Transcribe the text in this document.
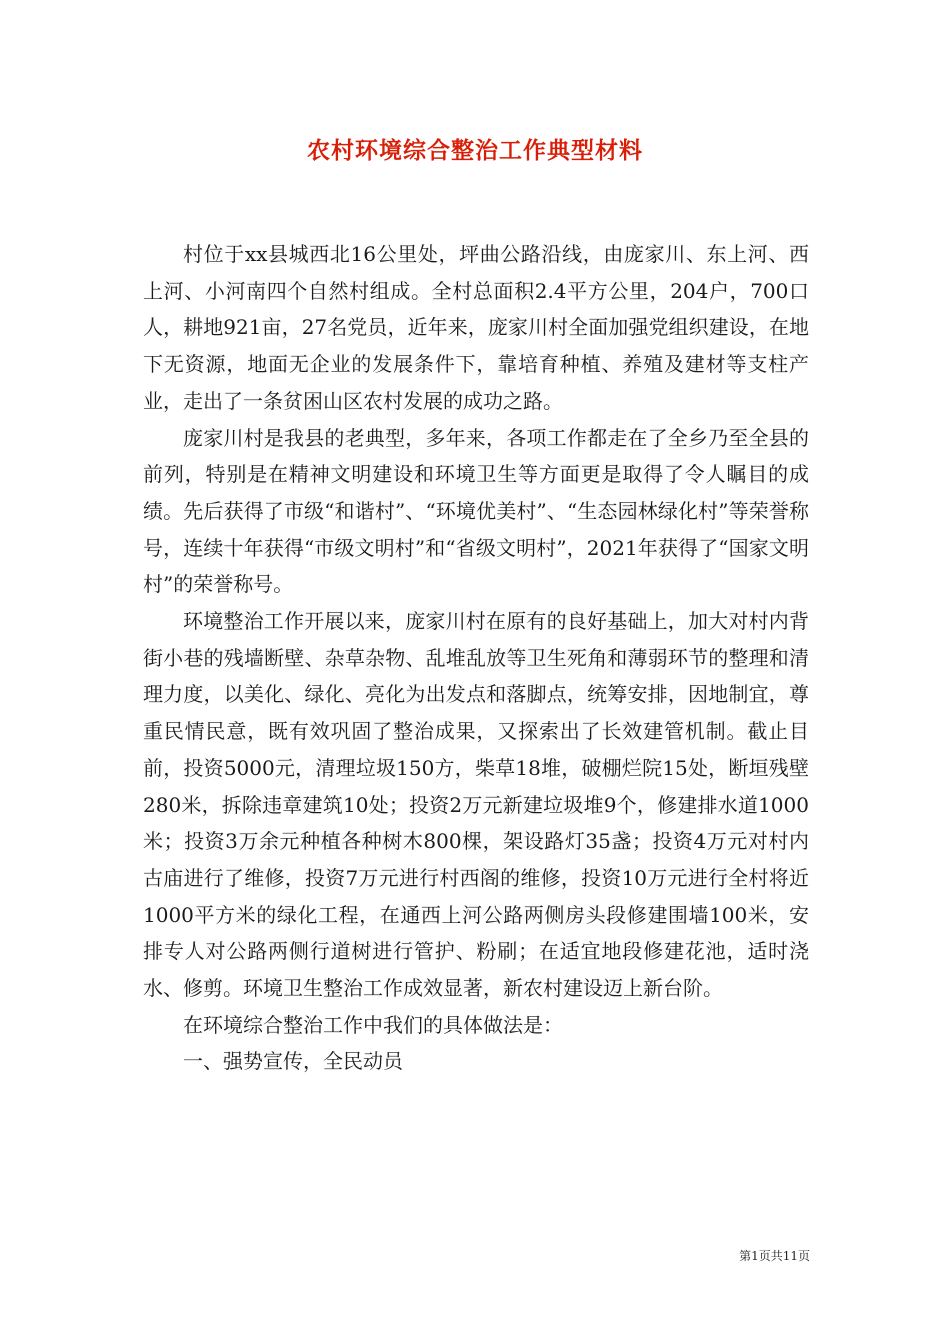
农村环境综合整治工作典型材料

村位于xx县城西北16公里处，坪曲公路沿线，由庞家川、东上河、西上河、小河南四个自然村组成。全村总面积2.4平方公里，204户，700口人，耕地921亩，27名党员，近年来，庞家川村全面加强党组织建设，在地下无资源，地面无企业的发展条件下，靠培育种植、养殖及建材等支柱产业，走出了一条贫困山区农村发展的成功之路。

庞家川村是我县的老典型，多年来，各项工作都走在了全乡乃至全县的前列，特别是在精神文明建设和环境卫生等方面更是取得了令人瞩目的成绩。先后获得了市级“和谐村”、“环境优美村”、“生态园林绿化村”等荣誉称号，连续十年获得“市级文明村”和“省级文明村”，2021年获得了“国家文明村”的荣誉称号。

环境整治工作开展以来，庞家川村在原有的良好基础上，加大对村内背街小巷的残墙断壁、杂草杂物、乱堆乱放等卫生死角和薄弱环节的整理和清理力度，以美化、绿化、亮化为出发点和落脚点，统筹安排，因地制宜，尊重民情民意，既有效巩固了整治成果，又探索出了长效建管机制。截止目前，投资5000元，清理垃圾150方，柴草18堆，破棚烂院15处，断垣残壁280米，拆除违章建筑10处；投资2万元新建垃圾堆9个，修建排水道1000米；投资3万余元种植各种树木800棵，架设路灯35盏；投资4万元对村内古庙进行了维修，投资7万元进行村西阁的维修，投资10万元进行全村将近1000平方米的绿化工程，在通西上河公路两侧房头段修建围墙100米，安排专人对公路两侧行道树进行管护、粉刷；在适宜地段修建花池，适时浇水、修剪。环境卫生整治工作成效显著，新农村建设迈上新台阶。

在环境综合整治工作中我们的具体做法是：

一、强势宣传，全民动员

第1页共11页
